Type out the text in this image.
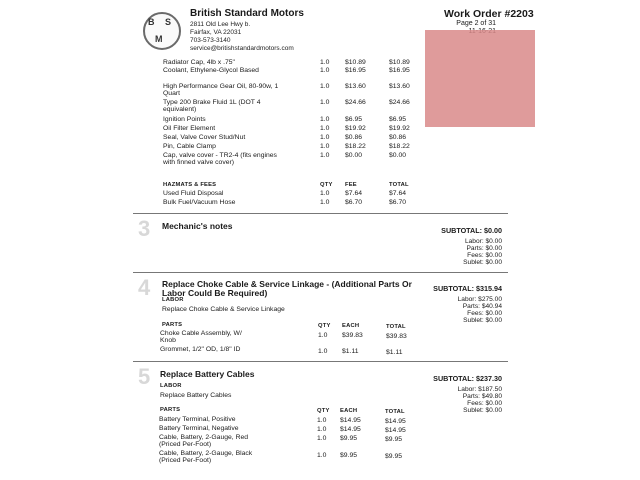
B S
M
British Standard Motors
2811 Old Lee Hwy b.
Fairfax, VA 22031
703-573-3140
service@britishstandardmotors.com
Work Order #2203
Page 2 of 31
Radiator Cap, 4lb x .75"	1.0	$10.89	$10.89
Coolant, Ethylene-Glycol Based	1.0	$16.95	$16.95
High Performance Gear Oil, 80-90w, 1 Quart
1.0	$13.60	$13.60
Type 200 Brake Fluid 1L (DOT 4 equivalent)
1.0	$24.66	$24.66
Ignition Points	1.0	$6.95	$6.95
Oil Filter Element	1.0	$19.92	$19.92
Seal, Valve Cover Stud/Nut	1.0	$0.86	$0.86
Pin, Cable Clamp	1.0	$18.22	$18.22
Cap, valve cover - TR2-4 (fits engines with finned valve cover)
1.0	$0.00	$0.00
HAZMATS & FEES	QTY	FEE	TOTAL
Used Fluid Disposal	1.0	$7.64	$7.64
Bulk Fuel/Vacuum Hose	1.0	$6.70	$6.70
3 Mechanic's notes	SUBTOTAL: $0.00
Labor: $0.00
Parts: $0.00
Fees: $0.00
Sublet: $0.00
4 Replace Choke Cable & Service Linkage - (Additional Parts Or Labor Could Be Required)	SUBTOTAL: $315.94
Labor: $275.00
Parts: $40.94
Fees: $0.00
Sublet: $0.00
LABOR
Replace Choke Cable & Service Linkage
PARTS	QTY	EACH	TOTAL
Choke Cable Assembly, W/ Knob
1.0 $39.83	$39.83
Grommet, 1/2" OD, 1/8" ID	1.0 $1.11	$1.11
5 Replace Battery Cables	SUBTOTAL: $237.30
Labor: $187.50
Parts: $49.80
Fees: $0.00
Sublet: $0.00
LABOR
Replace Battery Cables
PARTS	QTY EACH	TOTAL
Battery Terminal, Positive	1.0 $14.95	$14.95
Battery Terminal, Negative	1.0 $14.95	$14.95
Cable, Battery, 2-Gauge, Red (Priced Per-Foot)
1.0 $9.95	$9.95
Cable, Battery, 2-Gauge, Black (Priced Per-Foot)
1.0 $9.95	$9.95
